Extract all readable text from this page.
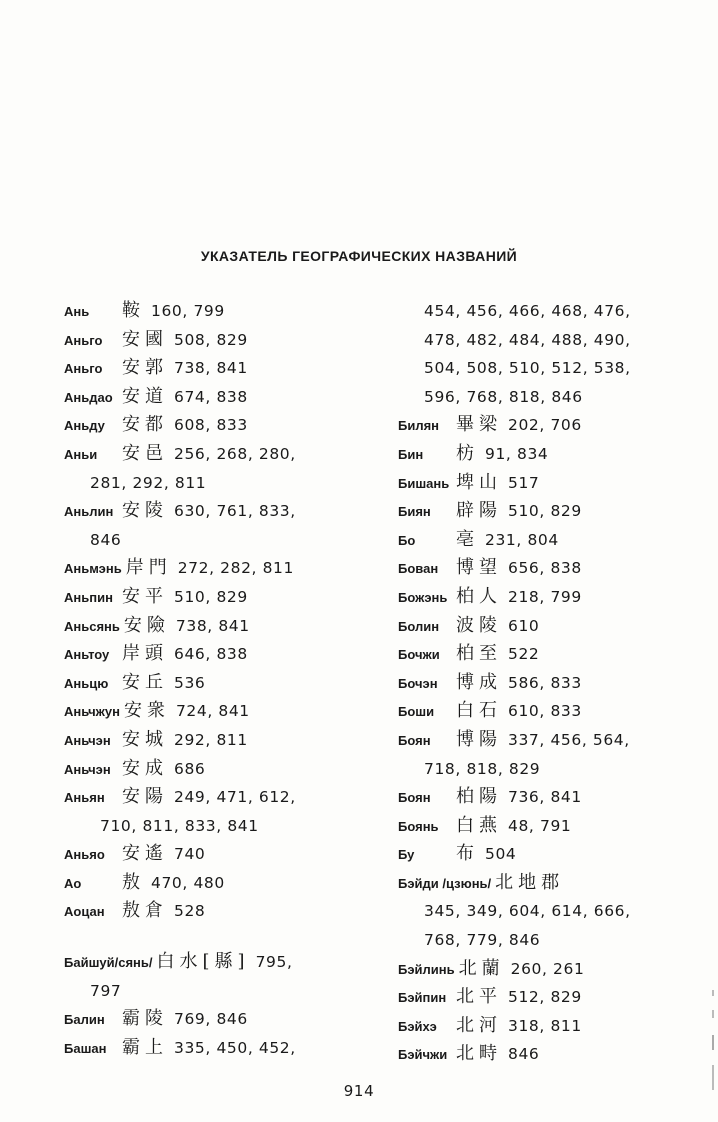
УКАЗАТЕЛЬ ГЕОГРАФИЧЕСКИХ НАЗВАНИЙ
Ань 鞍 160, 799
Аньго 安國 508, 829
Аньго 安郭 738, 841
Аньдао 安道 674, 838
Аньду 安都 608, 833
Аньи 安邑 256, 268, 280,
281, 292, 811
Аньлин 安陵 630, 761, 833,
846
Аньмэнь 岸門 272, 282, 811
Аньпин 安平 510, 829
Аньсянь 安險 738, 841
Аньтоу 岸頭 646, 838
Аньцю 安丘 536
Аньчжун 安衆 724, 841
Аньчэн 安城 292, 811
Аньчэн 安成 686
Аньян 安陽 249, 471, 612,
710, 811, 833, 841
Аньяо 安遙 740
Ао 敖 470, 480
Аоцан 敖倉 528
Байшуй/сянь/ 白水[縣] 795,
797
Балин 霸陵 769, 846
Башан 霸上 335, 450, 452,
454, 456, 466, 468, 476,
478, 482, 484, 488, 490,
504, 508, 510, 512, 538,
596, 768, 818, 846
Билян 畢梁 202, 706
Бин 枋 91, 834
Бишань 埤山 517
Биян 辟陽 510, 829
Бо 亳 231, 804
Бован 博望 656, 838
Божэнь 柏人 218, 799
Болин 波陵 610
Бочжи 柏至 522
Бочэн 博成 586, 833
Боши 白石 610, 833
Боян 博陽 337, 456, 564,
718, 818, 829
Боян 柏陽 736, 841
Боянь 白燕 48, 791
Бу 布 504
Бэйди /цзюнь/ 北地郡
345, 349, 604, 614, 666,
768, 779, 846
Бэйлинь 北蘭 260, 261
Бэйпин 北平 512, 829
Бэйхэ 北河 318, 811
Бэйчжи 北畤 846
914
